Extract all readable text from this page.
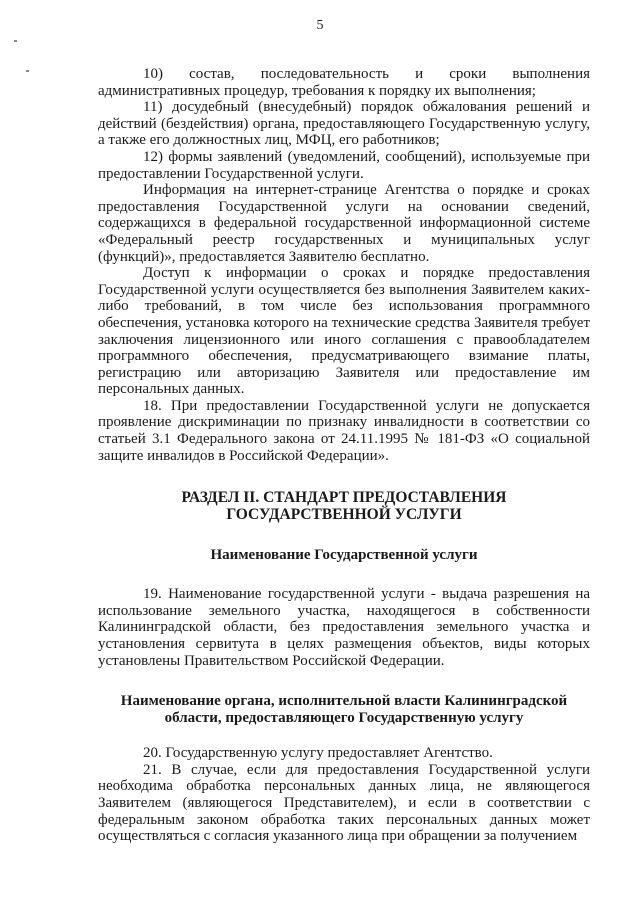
5

10) состав, последовательность и сроки выполнения административных процедур, требования к порядку их выполнения;

11) досудебный (внесудебный) порядок обжалования решений и действий (бездействия) органа, предоставляющего Государственную услугу, а также его должностных лиц, МФЦ, его работников;

12) формы заявлений (уведомлений, сообщений), используемые при предоставлении Государственной услуги.

Информация на интернет-странице Агентства о порядке и сроках предоставления Государственной услуги на основании сведений, содержащихся в федеральной государственной информационной системе «Федеральный реестр государственных и муниципальных услуг (функций)», предоставляется Заявителю бесплатно.

Доступ к информации о сроках и порядке предоставления Государственной услуги осуществляется без выполнения Заявителем каких-либо требований, в том числе без использования программного обеспечения, установка которого на технические средства Заявителя требует заключения лицензионного или иного соглашения с правообладателем программного обеспечения, предусматривающего взимание платы, регистрацию или авторизацию Заявителя или предоставление им персональных данных.

18. При предоставлении Государственной услуги не допускается проявление дискриминации по признаку инвалидности в соответствии со статьей 3.1 Федерального закона от 24.11.1995 № 181-ФЗ «О социальной защите инвалидов в Российской Федерации».

РАЗДЕЛ II. СТАНДАРТ ПРЕДОСТАВЛЕНИЯ
ГОСУДАРСТВЕННОЙ УСЛУГИ
Наименование Государственной услуги

19. Наименование государственной услуги - выдача разрешения на использование земельного участка, находящегося в собственности Калининградской области, без предоставления земельного участка и установления сервитута в целях размещения объектов, виды которых установлены Правительством Российской Федерации.

Наименование органа, исполнительной власти Калининградской
области, предоставляющего Государственную услугу

20. Государственную услугу предоставляет Агентство.

21. В случае, если для предоставления Государственной услуги необходима обработка персональных данных лица, не являющегося Заявителем (являющегося Представителем), и если в соответствии с федеральным законом обработка таких персональных данных может осуществляться с согласия указанного лица при обращении за получением
